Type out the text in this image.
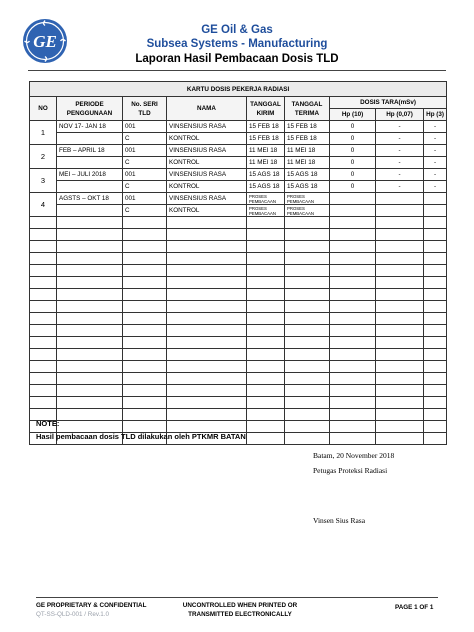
GE
GE Oil & Gas
Subsea Systems - Manufacturing
Laporan Hasil Pembacaan Dosis TLD
KARTU DOSIS PEKERJA RADIASI								
NO	PERIODE PENGGUNAAN	No. SERI TLD	NAMA	TANGGAL KIRIM	TANGGAL TERIMA	DOSIS TARA(mSv)		
						Hp (10)	Hp (0,07)	Hp (3)
1	NOV 17- JAN 18	001	VINSENSIUS RASA	15 FEB 18	15 FEB 18	0	-	-
		C	KONTROL	15 FEB 18	15 FEB 18	0	-	-
2	FEB – APRIL 18	001	VINSENSIUS RASA	11 MEI 18	11 MEI 18	0	-	-
		C	KONTROL	11 MEI 18	11 MEI 18	0	-	-
3	MEI – JULI 2018	001	VINSENSIUS RASA	15 AGS 18	15 AGS 18	0	-	-
		C	KONTROL	15 AGS 18	15 AGS 18	0	-	-
4	AGSTS – OKT 18	001	VINSENSIUS RASA	PROSES PEMBACAAN	PROSES PEMBACAAN			
		C	KONTROL	PROSES PEMBACAAN	PROSES PEMBACAAN			

NOTE:
Hasil pembacaan dosis TLD dilakukan oleh PTKMR BATAN
Batam, 20 November 2018
Petugas Proteksi Radiasi
Vinsen Sius Rasa
GE PROPRIETARY & CONFIDENTIAL
QT-SS-QLD-001 / Rev.1.0
UNCONTROLLED WHEN PRINTED OR
TRANSMITTED ELECTRONICALLY
PAGE 1 OF 1
